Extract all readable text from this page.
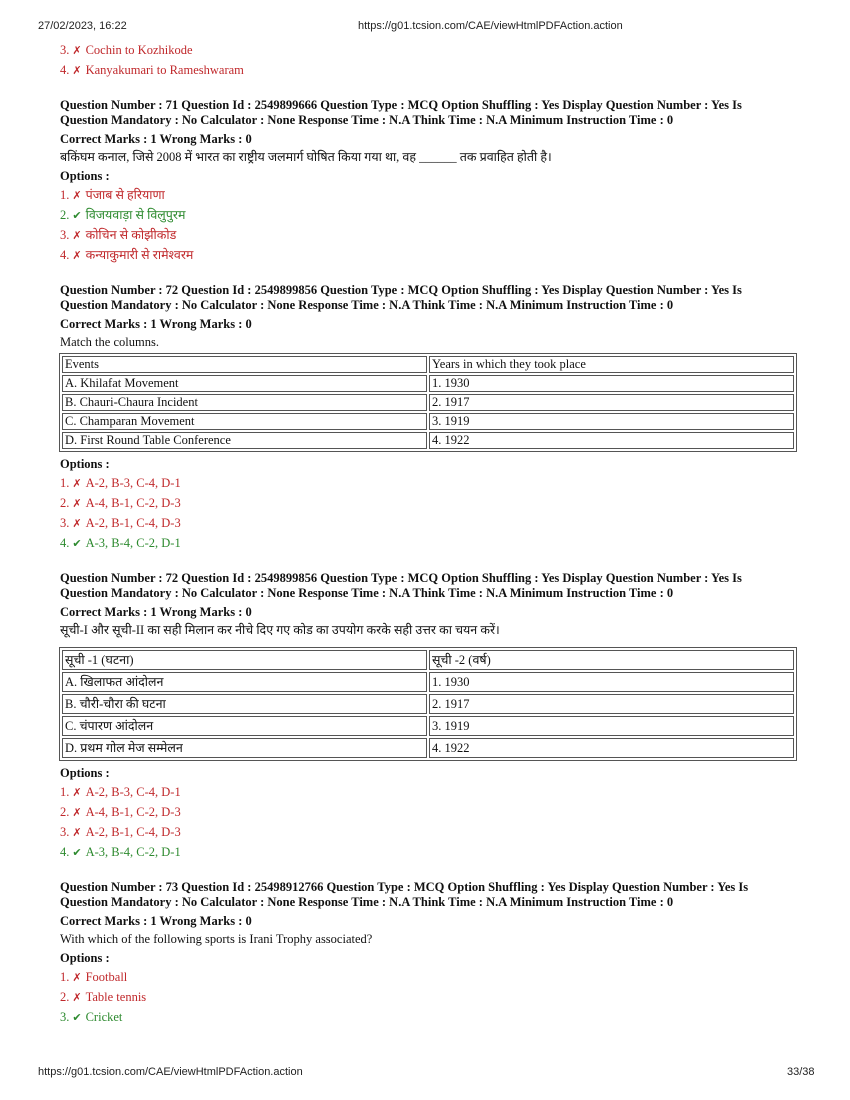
27/02/2023, 16:22	https://g01.tcsion.com/CAE/viewHtmlPDFAction.action
3. ✗ Cochin to Kozhikode
4. ✗ Kanyakumari to Rameshwaram
Question Number : 71 Question Id : 2549899666 Question Type : MCQ Option Shuffling : Yes Display Question Number : Yes Is
Question Mandatory : No Calculator : None Response Time : N.A Think Time : N.A Minimum Instruction Time : 0
Correct Marks : 1 Wrong Marks : 0
बकिंघम कनाल, जिसे 2008 में भारत का राष्ट्रीय जलमार्ग घोषित किया गया था, वह ______ तक प्रवाहित होती है।
Options :
1. ✗ पंजाब से हरियाणा
2. ✔ विजयवाड़ा से विलुपुरम
3. ✗ कोचिन से कोझीकोड
4. ✗ कन्याकुमारी से रामेश्वरम
Question Number : 72 Question Id : 2549899856 Question Type : MCQ Option Shuffling : Yes Display Question Number : Yes Is
Question Mandatory : No Calculator : None Response Time : N.A Think Time : N.A Minimum Instruction Time : 0
Correct Marks : 1 Wrong Marks : 0
Match the columns.
Events	Years in which they took place
A. Khilafat Movement	1. 1930
B. Chauri-Chaura Incident	2. 1917
C. Champaran Movement	3. 1919
D. First Round Table Conference	4. 1922
Options :
1. ✗ A-2, B-3, C-4, D-1
2. ✗ A-4, B-1, C-2, D-3
3. ✗ A-2, B-1, C-4, D-3
4. ✔ A-3, B-4, C-2, D-1
Question Number : 72 Question Id : 2549899856 Question Type : MCQ Option Shuffling : Yes Display Question Number : Yes Is
Question Mandatory : No Calculator : None Response Time : N.A Think Time : N.A Minimum Instruction Time : 0
Correct Marks : 1 Wrong Marks : 0
सूची-I और सूची-II का सही मिलान कर नीचे दिए गए कोड का उपयोग करके सही उत्तर का चयन करें।
सूची -1 (घटना)	सूची -2 (वर्ष)
A. खिलाफत आंदोलन	1. 1930
B. चौरी-चौरा की घटना	2. 1917
C. चंपारण आंदोलन	3. 1919
D. प्रथम गोल मेज सम्मेलन	4. 1922
Options :
1. ✗ A-2, B-3, C-4, D-1
2. ✗ A-4, B-1, C-2, D-3
3. ✗ A-2, B-1, C-4, D-3
4. ✔ A-3, B-4, C-2, D-1
Question Number : 73 Question Id : 25498912766 Question Type : MCQ Option Shuffling : Yes Display Question Number : Yes Is
Question Mandatory : No Calculator : None Response Time : N.A Think Time : N.A Minimum Instruction Time : 0
Correct Marks : 1 Wrong Marks : 0
With which of the following sports is Irani Trophy associated?
Options :
1. ✗ Football
2. ✗ Table tennis
3. ✔ Cricket
https://g01.tcsion.com/CAE/viewHtmlPDFAction.action	33/38
